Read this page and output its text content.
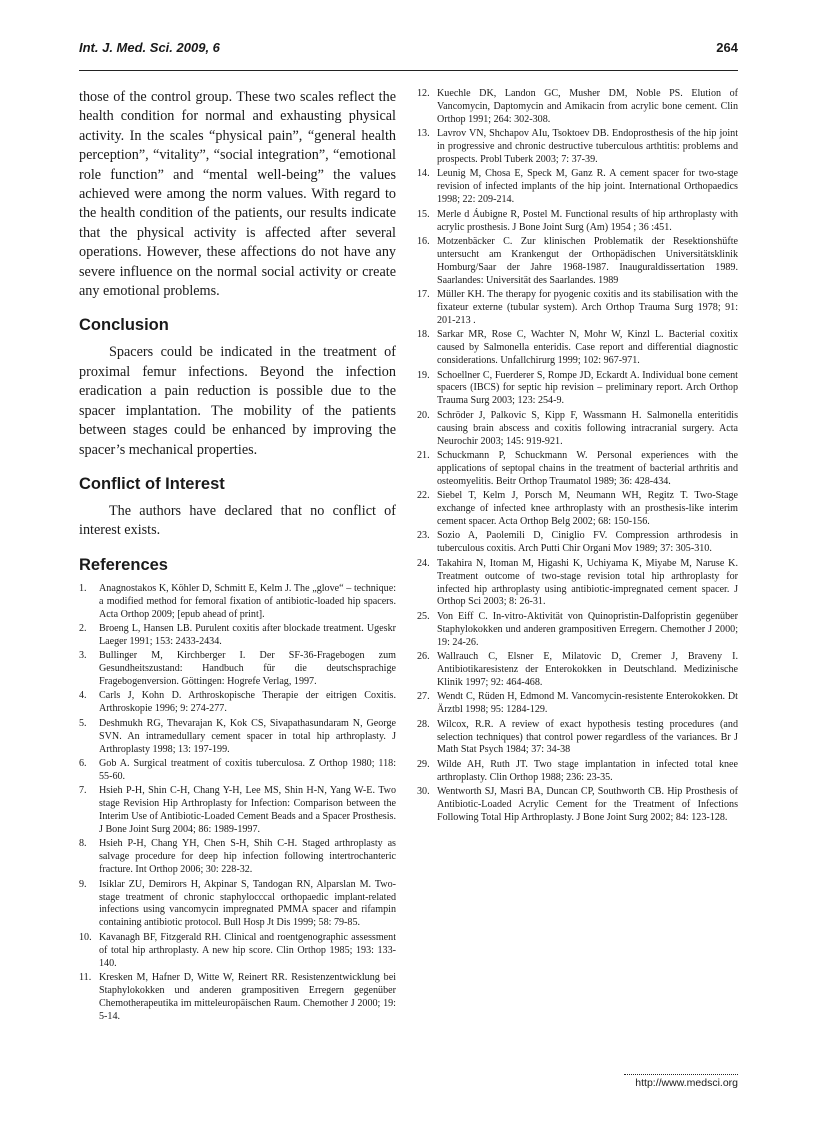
Int. J. Med. Sci. 2009, 6	264

those of the control group. These two scales reflect the health condition for normal and exhausting physical activity. In the scales “physical pain”, “general health perception”, “vitality”, “social integration”, “emotional role function” and “mental well-being” the values achieved were among the norm values. With regard to the health condition of the patients, our results indicate that the physical activity is affected after several operations. However, these affections do not have any severe influence on the normal social activity or create any emotional problems.

Conclusion

Spacers could be indicated in the treatment of proximal femur infections. Beyond the infection eradication a pain reduction is possible due to the spacer implantation. The mobility of the patients between stages could be enhanced by improving the spacer’s mechanical properties.

Conflict of Interest

The authors have declared that no conflict of interest exists.

References
1. Anagnostakos K, Köhler D, Schmitt E, Kelm J. The „glove“ – technique: a modified method for femoral fixation of antibiotic-loaded hip spacers. Acta Orthop 2009; [epub ahead of print].
2. Broeng L, Hansen LB. Purulent coxitis after blockade treatment. Ugeskr Laeger 1991; 153: 2433-2434.
3. Bullinger M, Kirchberger I. Der SF-36-Fragebogen zum Gesundheitszustand: Handbuch für die deutschsprachige Fragebogenversion. Göttingen: Hogrefe Verlag, 1997.
4. Carls J, Kohn D. Arthroskopische Therapie der eitrigen Coxitis. Arthroskopie 1996; 9: 274-277.
5. Deshmukh RG, Thevarajan K, Kok CS, Sivapathasundaram N, George SVN. An intramedullary cement spacer in total hip arthroplasty. J Arthroplasty 1998; 13: 197-199.
6. Gob A. Surgical treatment of coxitis tuberculosa. Z Orthop 1980; 118: 55-60.
7. Hsieh P-H, Shin C-H, Chang Y-H, Lee MS, Shin H-N, Yang W-E. Two stage Revision Hip Arthroplasty for Infection: Comparison between the Interim Use of Antibiotic-Loaded Cement Beads and a Spacer Prosthesis. J Bone Joint Surg 2004; 86: 1989-1997.
8. Hsieh P-H, Chang YH, Chen S-H, Shih C-H. Staged arthroplasty as salvage procedure for deep hip infection following intertrochanteric fracture. Int Orthop 2006; 30: 228-32.
9. Isiklar ZU, Demirors H, Akpinar S, Tandogan RN, Alparslan M. Two-stage treatment of chronic staphylocccal orthopaedic implant-related infections using vancomycin impregnated PMMA spacer and rifampin containing antibiotic protocol. Bull Hosp Jt Dis 1999; 58: 79-85.
10. Kavanagh BF, Fitzgerald RH. Clinical and roentgenographic assessment of total hip arthroplasty. A new hip score. Clin Orthop 1985; 193: 133-140.
11. Kresken M, Hafner D, Witte W, Reinert RR. Resistenzentwicklung bei Staphylokokken und anderen grampositiven Erregern gegenüber Chemotherapeutika im mitteleuropäischen Raum. Chemother J 2000; 19: 5-14.
12. Kuechle DK, Landon GC, Musher DM, Noble PS. Elution of Vancomycin, Daptomycin and Amikacin from acrylic bone cement. Clin Orthop 1991; 264: 302-308.
13. Lavrov VN, Shchapov AIu, Tsoktoev DB. Endoprosthesis of the hip joint in progressive and chronic destructive tuberculous arthtitis: problems and prospects. Probl Tuberk 2003; 7: 37-39.
14. Leunig M, Chosa E, Speck M, Ganz R. A cement spacer for two-stage revision of infected implants of the hip joint. International Orthopaedics 1998; 22: 209-214.
15. Merle d Áubigne R, Postel M. Functional results of hip arthroplasty with acrylic prosthesis. J Bone Joint Surg (Am) 1954 ; 36 :451.
16. Motzenbäcker C. Zur klinischen Problematik der Resektionshüfte untersucht am Krankengut der Orthopädischen Universitätsklinik Homburg/Saar der Jahre 1968-1987. Inauguraldissertation 1989. Saarlandes: Universität des Saarlandes. 1989
17. Müller KH. The therapy for pyogenic coxitis and its stabilisation with the fixateur externe (tubular system). Arch Orthop Trauma Surg 1978; 91: 201-213 .
18. Sarkar MR, Rose C, Wachter N, Mohr W, Kinzl L. Bacterial coxitix caused by Salmonella enteridis. Case report and differential diagnostic considerations. Unfallchirurg 1999; 102: 967-971.
19. Schoellner C, Fuerderer S, Rompe JD, Eckardt A. Individual bone cement spacers (IBCS) for septic hip revision – preliminary report. Arch Orthop Trauma Surg 2003; 123: 254-9.
20. Schröder J, Palkovic S, Kipp F, Wassmann H. Salmonella enteritidis causing brain abscess and coxitis following intracranial surgery. Acta Neurochir 2003; 145: 919-921.
21. Schuckmann P, Schuckmann W. Personal experiences with the applications of septopal chains in the treatment of bacterial arthritis and osteomyelitis. Beitr Orthop Traumatol 1989; 36: 428-434.
22. Siebel T, Kelm J, Porsch M, Neumann WH, Regitz T. Two-Stage exchange of infected knee arthroplasty with an prosthesis-like interim cement spacer. Acta Orthop Belg 2002; 68: 150-156.
23. Sozio A, Paolemili D, Ciniglio FV. Compression arthrodesis in tuberculous coxitis. Arch Putti Chir Organi Mov 1989; 37: 305-310.
24. Takahira N, Itoman M, Higashi K, Uchiyama K, Miyabe M, Naruse K. Treatment outcome of two-stage revision total hip arthroplasty for infected hip arthroplasty using antibiotic-impregnated cement spacer. J Orthop Sci 2003; 8: 26-31.
25. Von Eiff C. In-vitro-Aktivität von Quinopristin-Dalfopristin gegenüber Staphylokokken und anderen grampositiven Erregern. Chemother J 2000; 19: 24-26.
26. Wallrauch C, Elsner E, Milatovic D, Cremer J, Braveny I. Antibiotikaresistenz der Enterokokken in Deutschland. Medizinische Klinik 1997; 92: 464-468.
27. Wendt C, Rüden H, Edmond M. Vancomycin-resistente Enterokokken. Dt Ärztbl 1998; 95: 1284-129.
28. Wilcox, R.R. A review of exact hypothesis testing procedures (and selection techniques) that control power regardless of the variances. Br J Math Stat Psych 1984; 37: 34-38
29. Wilde AH, Ruth JT. Two stage implantation in infected total knee arthroplasty. Clin Orthop 1988; 236: 23-35.
30. Wentworth SJ, Masri BA, Duncan CP, Southworth CB. Hip Prosthesis of Antibiotic-Loaded Acrylic Cement for the Treatment of Infections Following Total Hip Arthroplasty. J Bone Joint Surg 2002; 84: 123-128.
http://www.medsci.org
